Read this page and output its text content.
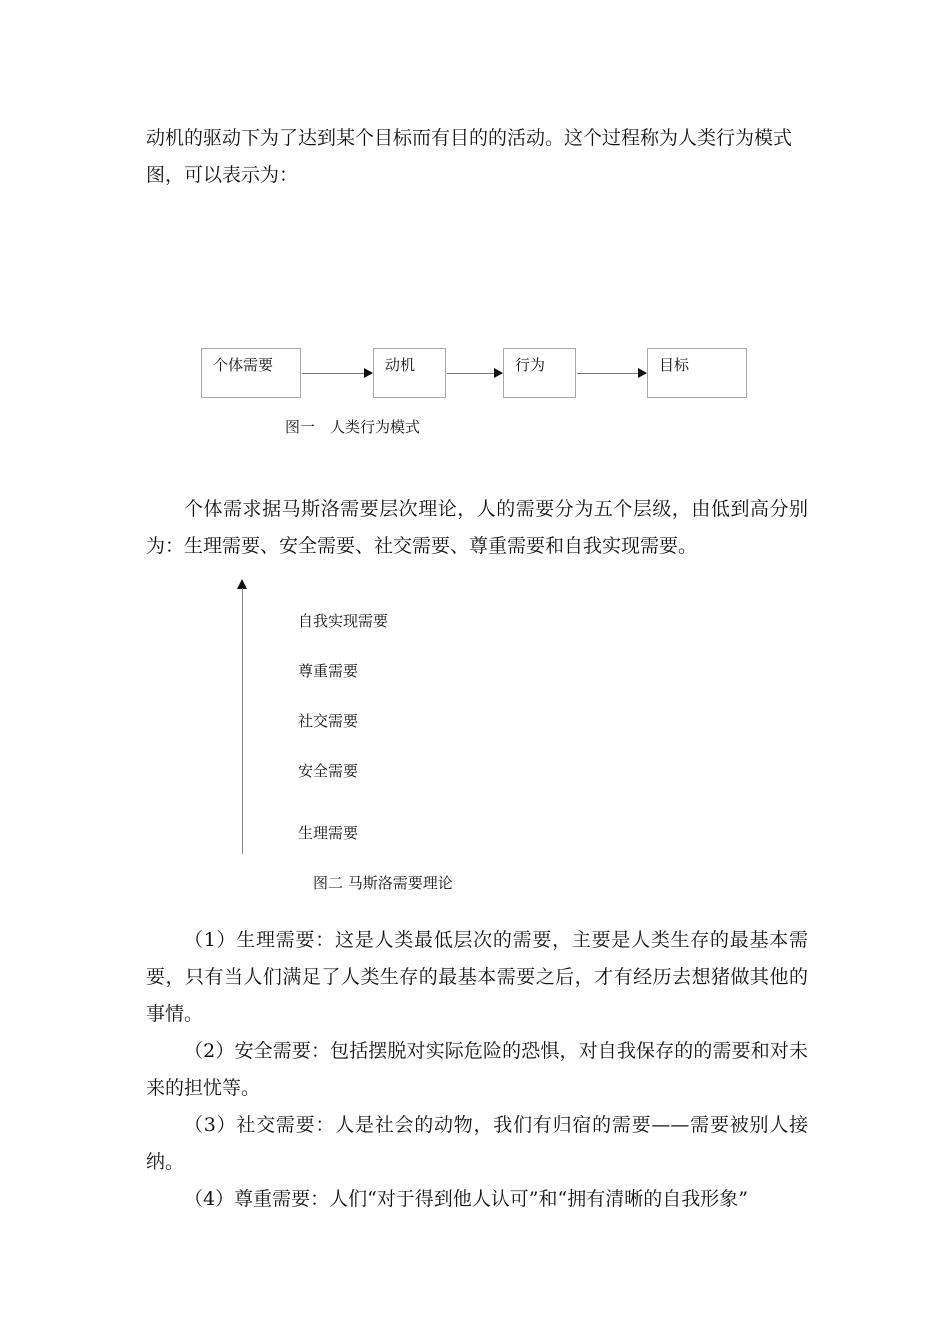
动机的驱动下为了达到某个目标而有目的的活动。这个过程称为人类行为模式
图，可以表示为：
个体需要	动机	行为	目标
图一　人类行为模式

个体需求据马斯洛需要层次理论，人的需要分为五个层级，由低到高分别为：生理需要、安全需要、社交需要、尊重需要和自我实现需要。

自我实现需要
尊重需要
社交需要
安全需要
生理需要
图二 马斯洛需要理论

（1）生理需要：这是人类最低层次的需要，主要是人类生存的最基本需要，只有当人们满足了人类生存的最基本需要之后，才有经历去想猪做其他的事情。

（2）安全需要：包括摆脱对实际危险的恐惧，对自我保存的的需要和对未来的担忧等。

（3）社交需要：人是社会的动物，我们有归宿的需要——需要被别人接纳。

（4）尊重需要：人们“对于得到他人认可”和“拥有清晰的自我形象”
